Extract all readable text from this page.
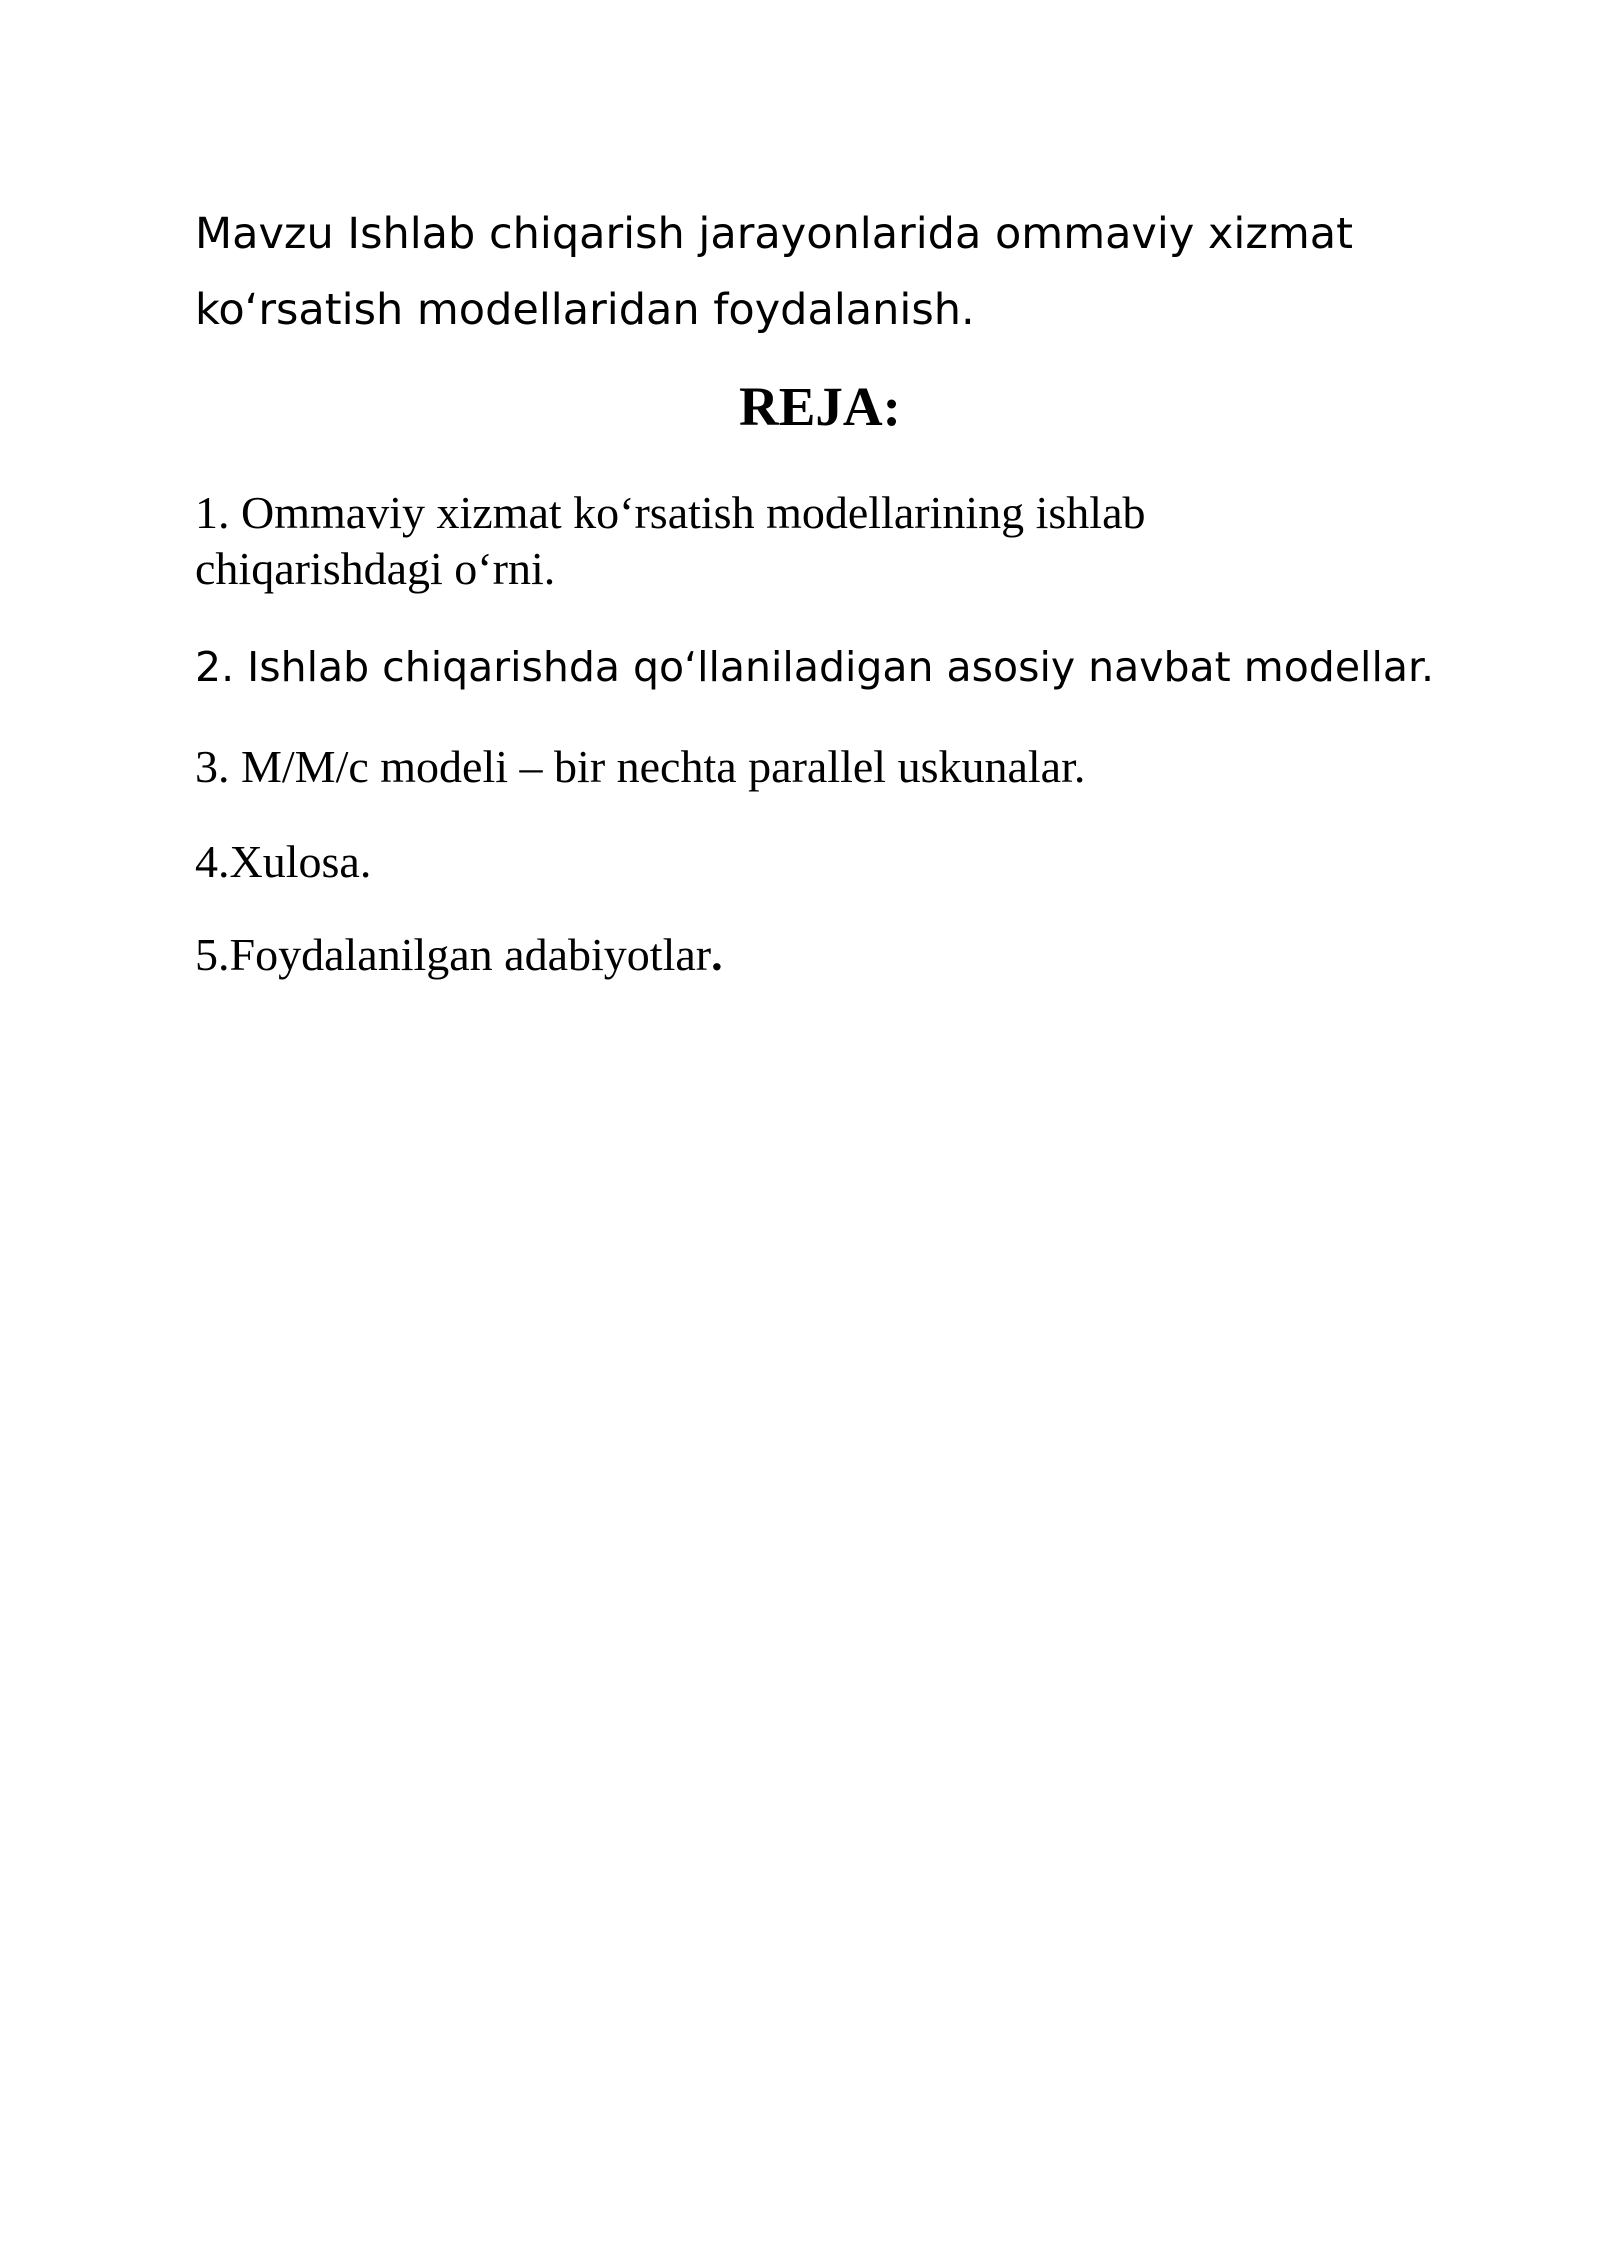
Mavzu Ishlab chiqarish jarayonlarida ommaviy xizmat ko‘rsatish modellaridan foydalanish.

REJA:

1. Ommaviy xizmat ko‘rsatish modellarining ishlab chiqarishdagi o‘rni.

2. Ishlab chiqarishda qoʻllaniladigan asosiy navbat modellar.

3. M/M/c modeli – bir nechta parallel uskunalar.

4.Xulosa.

5.Foydalanilgan adabiyotlar.
